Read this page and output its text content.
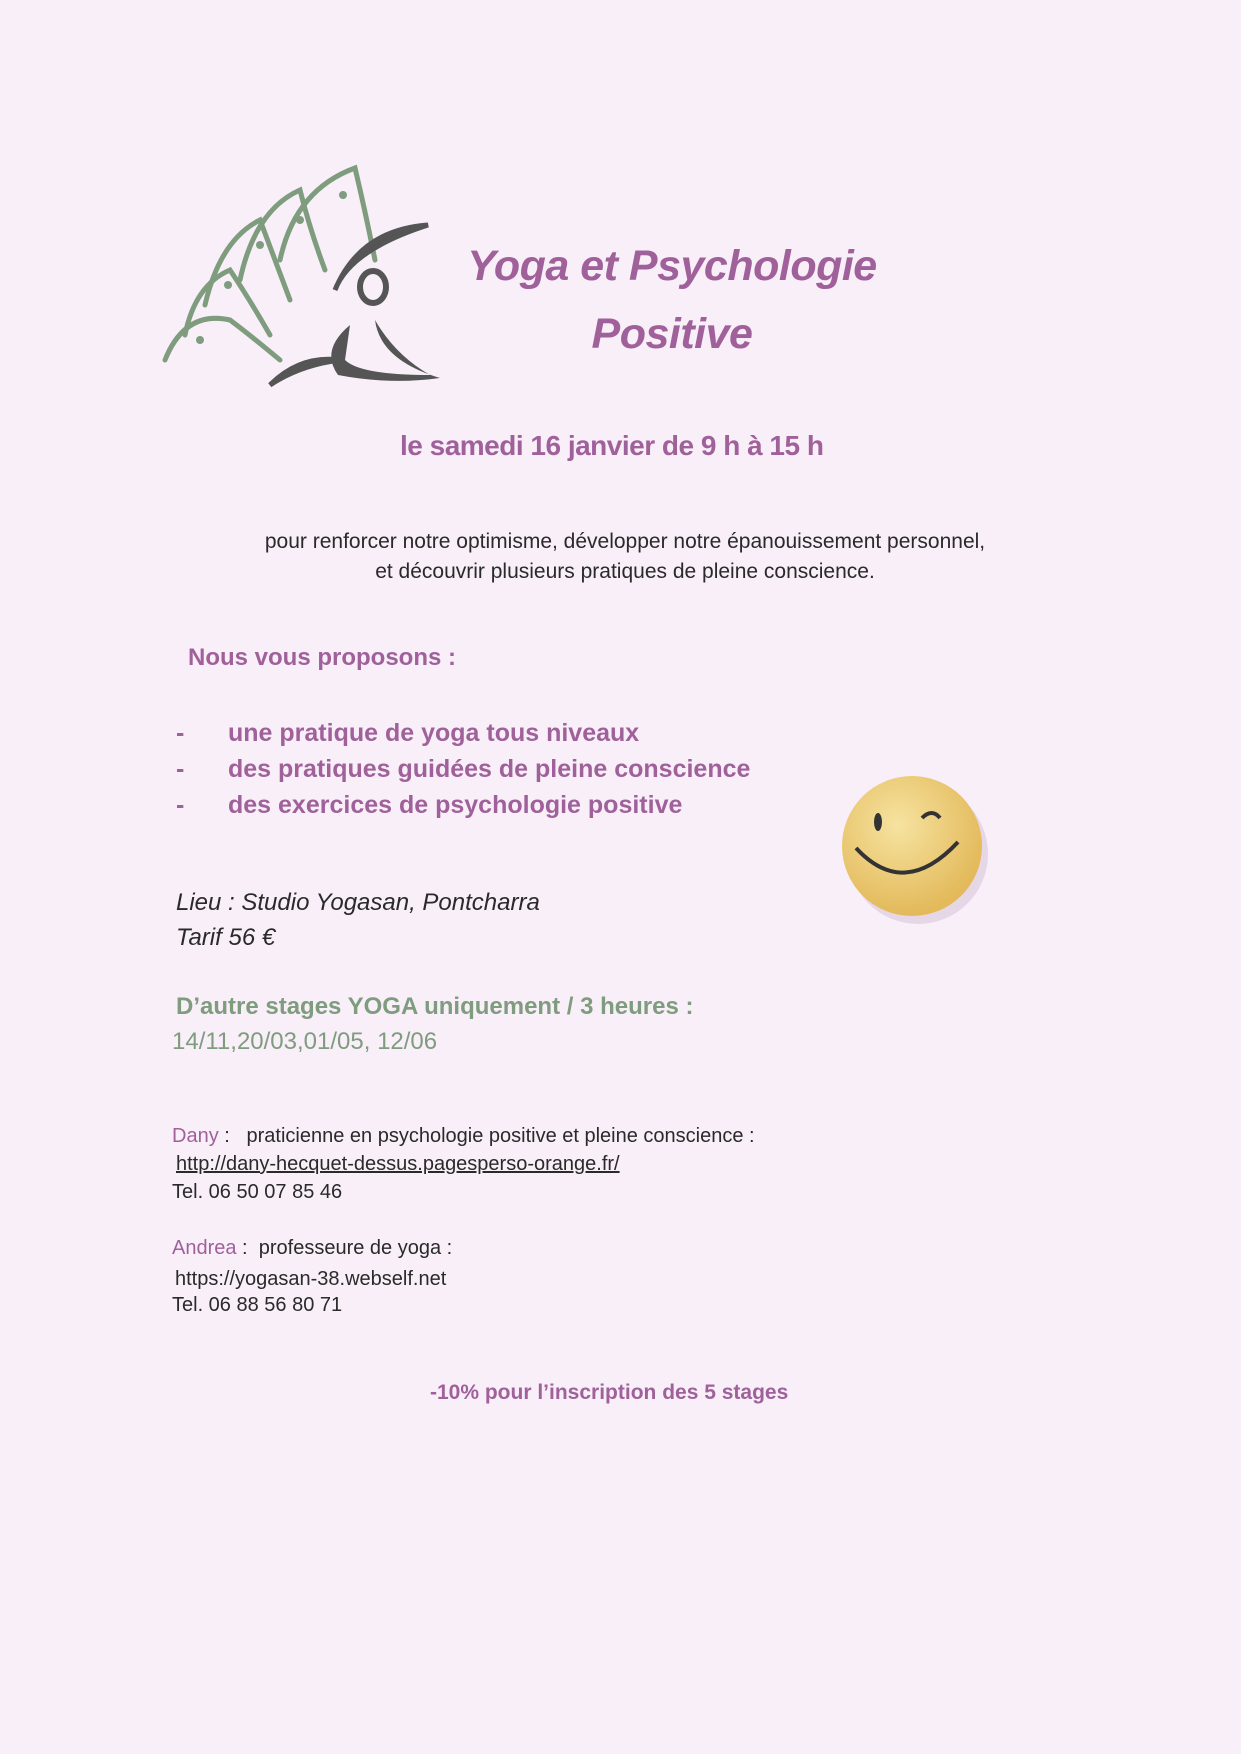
Yoga et Psychologie
Positive
le samedi 16 janvier de 9 h à 15 h
pour renforcer notre optimisme, développer notre épanouissement personnel,
et découvrir plusieurs pratiques de pleine conscience.
Nous vous proposons :
- une pratique de yoga tous niveaux
- des pratiques guidées de pleine conscience
- des exercices de psychologie positive
Lieu : Studio Yogasan, Pontcharra
Tarif 56 €
D’autre stages YOGA uniquement / 3 heures :
14/11,20/03,01/05, 12/06
Dany : praticienne en psychologie positive et pleine conscience :
http://dany-hecquet-dessus.pagesperso-orange.fr/
Tel. 06 50 07 85 46
Andrea : professeure de yoga :
https://yogasan-38.webself.net
Tel. 06 88 56 80 71
-10% pour l’inscription des 5 stages
